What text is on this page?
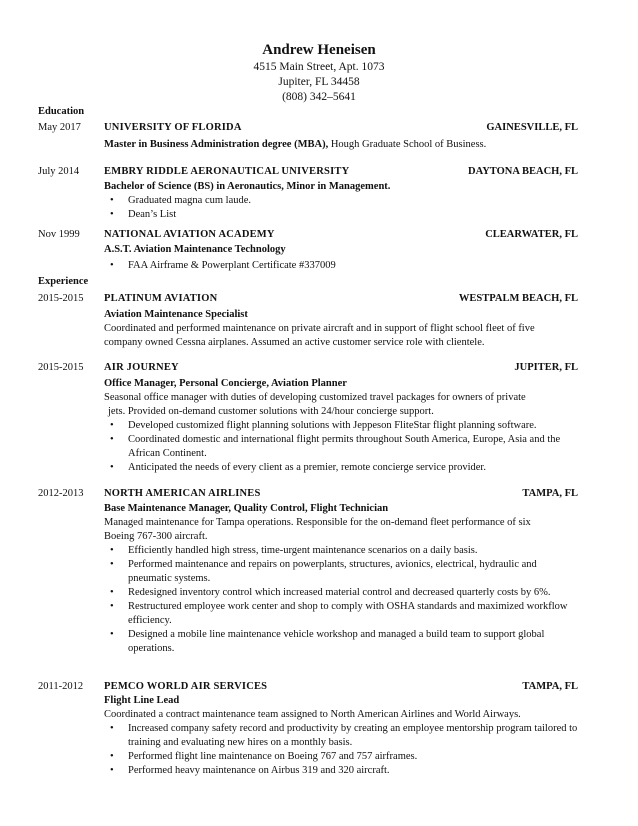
Andrew Heneisen
4515 Main Street, Apt. 1073
Jupiter, FL 34458
(808) 342–5641
Education
May 2017	UNIVERSITY OF FLORIDA	GAINESVILLE, FL
Master in Business Administration degree (MBA), Hough Graduate School of Business.
July 2014	EMBRY RIDDLE AERONAUTICAL UNIVERSITY	DAYTONA BEACH, FL
Bachelor of Science (BS) in Aeronautics, Minor in Management.
• Graduated magna cum laude.
• Dean’s List
Nov 1999	NATIONAL AVIATION ACADEMY	CLEARWATER, FL
A.S.T. Aviation Maintenance Technology
• FAA Airframe & Powerplant Certificate #337009
Experience
2015-2015	PLATINUM AVIATION	WESTPALM BEACH, FL
Aviation Maintenance Specialist
Coordinated and performed maintenance on private aircraft and in support of flight school fleet of five
company owned Cessna airplanes. Assumed an active customer service role with clientele.
2015-2015	AIR JOURNEY	JUPITER, FL
Office Manager, Personal Concierge, Aviation Planner
Seasonal office manager with duties of developing customized travel packages for owners of private
jets. Provided on-demand customer solutions with 24/hour concierge support.
• Developed customized flight planning solutions with Jeppeson FliteStar flight planning software.
• Coordinated domestic and international flight permits throughout South America, Europe, Asia and the African Continent.
• Anticipated the needs of every client as a premier, remote concierge service provider.
2012-2013	NORTH AMERICAN AIRLINES	TAMPA, FL
Base Maintenance Manager, Quality Control, Flight Technician
Managed maintenance for Tampa operations. Responsible for the on-demand fleet performance of six
Boeing 767-300 aircraft.
• Efficiently handled high stress, time-urgent maintenance scenarios on a daily basis.
• Performed maintenance and repairs on powerplants, structures, avionics, electrical, hydraulic and pneumatic systems.
• Redesigned inventory control which increased material control and decreased quarterly costs by 6%.
• Restructured employee work center and shop to comply with OSHA standards and maximized workflow efficiency.
• Designed a mobile line maintenance vehicle workshop and managed a build team to support global operations.
2011-2012	PEMCO WORLD AIR SERVICES	TAMPA, FL
Flight Line Lead
Coordinated a contract maintenance team assigned to North American Airlines and World Airways.
• Increased company safety record and productivity by creating an employee mentorship program tailored to training and evaluating new hires on a monthly basis.
• Performed flight line maintenance on Boeing 767 and 757 airframes.
• Performed heavy maintenance on Airbus 319 and 320 aircraft.
